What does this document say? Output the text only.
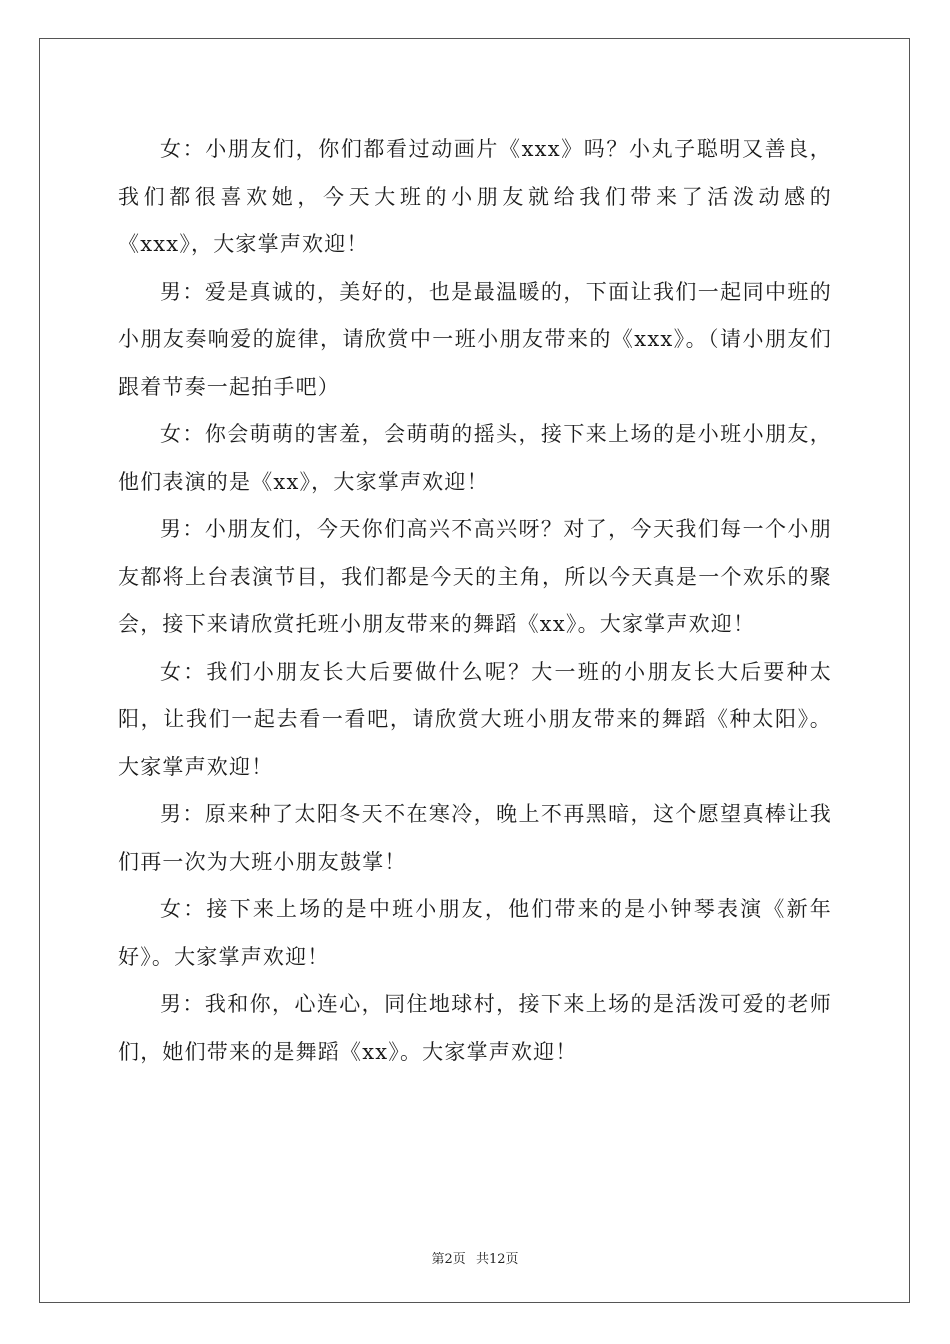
女：小朋友们，你们都看过动画片《xxx》吗？小丸子聪明又善良，我们都很喜欢她，今天大班的小朋友就给我们带来了活泼动感的《xxx》，大家掌声欢迎！

男：爱是真诚的，美好的，也是最温暖的，下面让我们一起同中班的小朋友奏响爱的旋律，请欣赏中一班小朋友带来的《xxx》。（请小朋友们跟着节奏一起拍手吧）

女：你会萌萌的害羞，会萌萌的摇头，接下来上场的是小班小朋友，他们表演的是《xx》，大家掌声欢迎！

男：小朋友们，今天你们高兴不高兴呀？对了，今天我们每一个小朋友都将上台表演节目，我们都是今天的主角，所以今天真是一个欢乐的聚会，接下来请欣赏托班小朋友带来的舞蹈《xx》。大家掌声欢迎！

女：我们小朋友长大后要做什么呢？大一班的小朋友长大后要种太阳，让我们一起去看一看吧，请欣赏大班小朋友带来的舞蹈《种太阳》。大家掌声欢迎！

男：原来种了太阳冬天不在寒冷，晚上不再黑暗，这个愿望真棒让我们再一次为大班小朋友鼓掌！

女：接下来上场的是中班小朋友，他们带来的是小钟琴表演《新年好》。大家掌声欢迎！

男：我和你，心连心，同住地球村，接下来上场的是活泼可爱的老师们，她们带来的是舞蹈《xx》。大家掌声欢迎！

第2页 共12页
